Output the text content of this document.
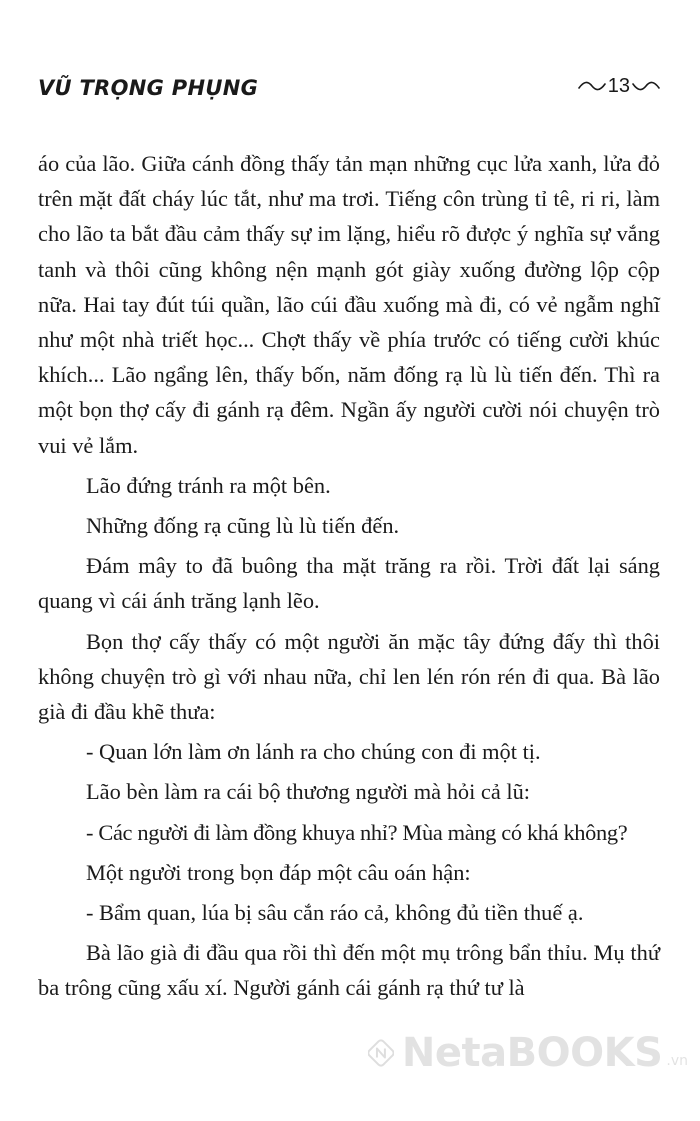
VŨ TRỌNG PHỤNG	13

áo của lão. Giữa cánh đồng thấy tản mạn những cục lửa xanh, lửa đỏ trên mặt đất cháy lúc tắt, như ma trơi. Tiếng côn trùng tỉ tê, ri ri, làm cho lão ta bắt đầu cảm thấy sự im lặng, hiểu rõ được ý nghĩa sự vắng tanh và thôi cũng không nện mạnh gót giày xuống đường lộp cộp nữa. Hai tay đút túi quần, lão cúi đầu xuống mà đi, có vẻ ngẫm nghĩ như một nhà triết học... Chợt thấy về phía trước có tiếng cười khúc khích... Lão ngẩng lên, thấy bốn, năm đống rạ lù lù tiến đến. Thì ra một bọn thợ cấy đi gánh rạ đêm. Ngần ấy người cười nói chuyện trò vui vẻ lắm.

Lão đứng tránh ra một bên.

Những đống rạ cũng lù lù tiến đến.

Đám mây to đã buông tha mặt trăng ra rồi. Trời đất lại sáng quang vì cái ánh trăng lạnh lẽo.

Bọn thợ cấy thấy có một người ăn mặc tây đứng đấy thì thôi không chuyện trò gì với nhau nữa, chỉ len lén rón rén đi qua. Bà lão già đi đầu khẽ thưa:

- Quan lớn làm ơn lánh ra cho chúng con đi một tị.

Lão bèn làm ra cái bộ thương người mà hỏi cả lũ:

- Các người đi làm đồng khuya nhỉ? Mùa màng có khá không?

Một người trong bọn đáp một câu oán hận:

- Bẩm quan, lúa bị sâu cắn ráo cả, không đủ tiền thuế ạ.

Bà lão già đi đầu qua rồi thì đến một mụ trông bẩn thỉu. Mụ thứ ba trông cũng xấu xí. Người gánh cái gánh rạ thứ tư là

NetaBOOKS .vn
